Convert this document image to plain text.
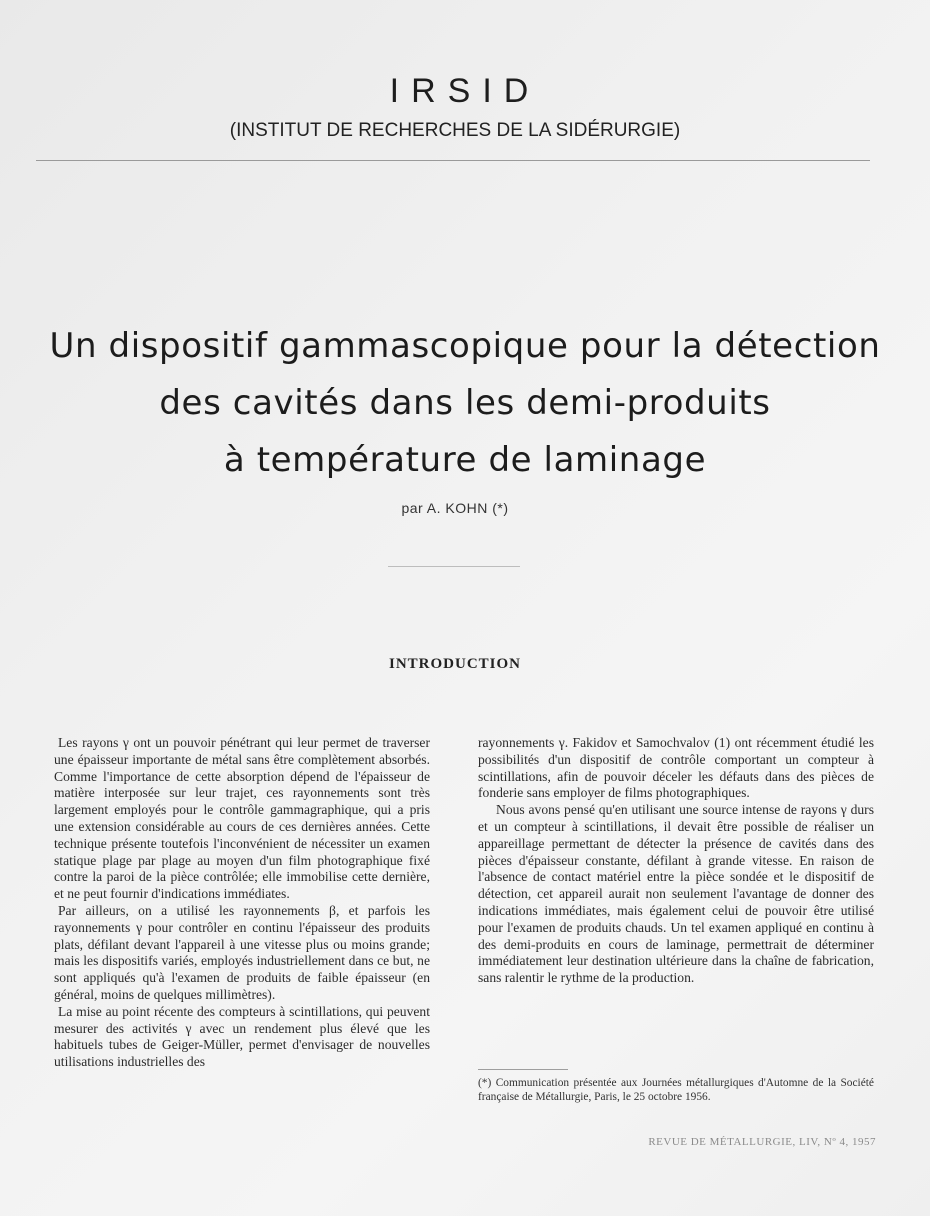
IRSID
(INSTITUT DE RECHERCHES DE LA SIDÉRURGIE)
Un dispositif gammascopique pour la détection
des cavités dans les demi-produits
à température de laminage
par A. KOHN (*)
INTRODUCTION

Les rayons γ ont un pouvoir pénétrant qui leur permet de traverser une épaisseur importante de métal sans être complètement absorbés. Comme l'importance de cette absorption dépend de l'épaisseur de matière interposée sur leur trajet, ces rayonnements sont très largement employés pour le contrôle gammagraphique, qui a pris une extension considérable au cours de ces dernières années. Cette technique présente toutefois l'inconvénient de nécessiter un examen statique plage par plage au moyen d'un film photographique fixé contre la paroi de la pièce contrôlée; elle immobilise cette dernière, et ne peut fournir d'indications immédiates.

Par ailleurs, on a utilisé les rayonnements β, et parfois les rayonnements γ pour contrôler en continu l'épaisseur des produits plats, défilant devant l'appareil à une vitesse plus ou moins grande; mais les dispositifs variés, employés industriellement dans ce but, ne sont appliqués qu'à l'examen de produits de faible épaisseur (en général, moins de quelques millimètres).

La mise au point récente des compteurs à scintillations, qui peuvent mesurer des activités γ avec un rendement plus élevé que les habituels tubes de Geiger-Müller, permet d'envisager de nouvelles utilisations industrielles des

rayonnements γ. Fakidov et Samochvalov (1) ont récemment étudié les possibilités d'un dispositif de contrôle comportant un compteur à scintillations, afin de pouvoir déceler les défauts dans des pièces de fonderie sans employer de films photographiques.

Nous avons pensé qu'en utilisant une source intense de rayons γ durs et un compteur à scintillations, il devait être possible de réaliser un appareillage permettant de détecter la présence de cavités dans des pièces d'épaisseur constante, défilant à grande vitesse. En raison de l'absence de contact matériel entre la pièce sondée et le dispositif de détection, cet appareil aurait non seulement l'avantage de donner des indications immédiates, mais également celui de pouvoir être utilisé pour l'examen de produits chauds. Un tel examen appliqué en continu à des demi-produits en cours de laminage, permettrait de déterminer immédiatement leur destination ultérieure dans la chaîne de fabrication, sans ralentir le rythme de la production.

(*) Communication présentée aux Journées métallurgiques d'Automne de la Société française de Métallurgie, Paris, le 25 octobre 1956.
REVUE DE MÉTALLURGIE, LIV, Nº 4, 1957
